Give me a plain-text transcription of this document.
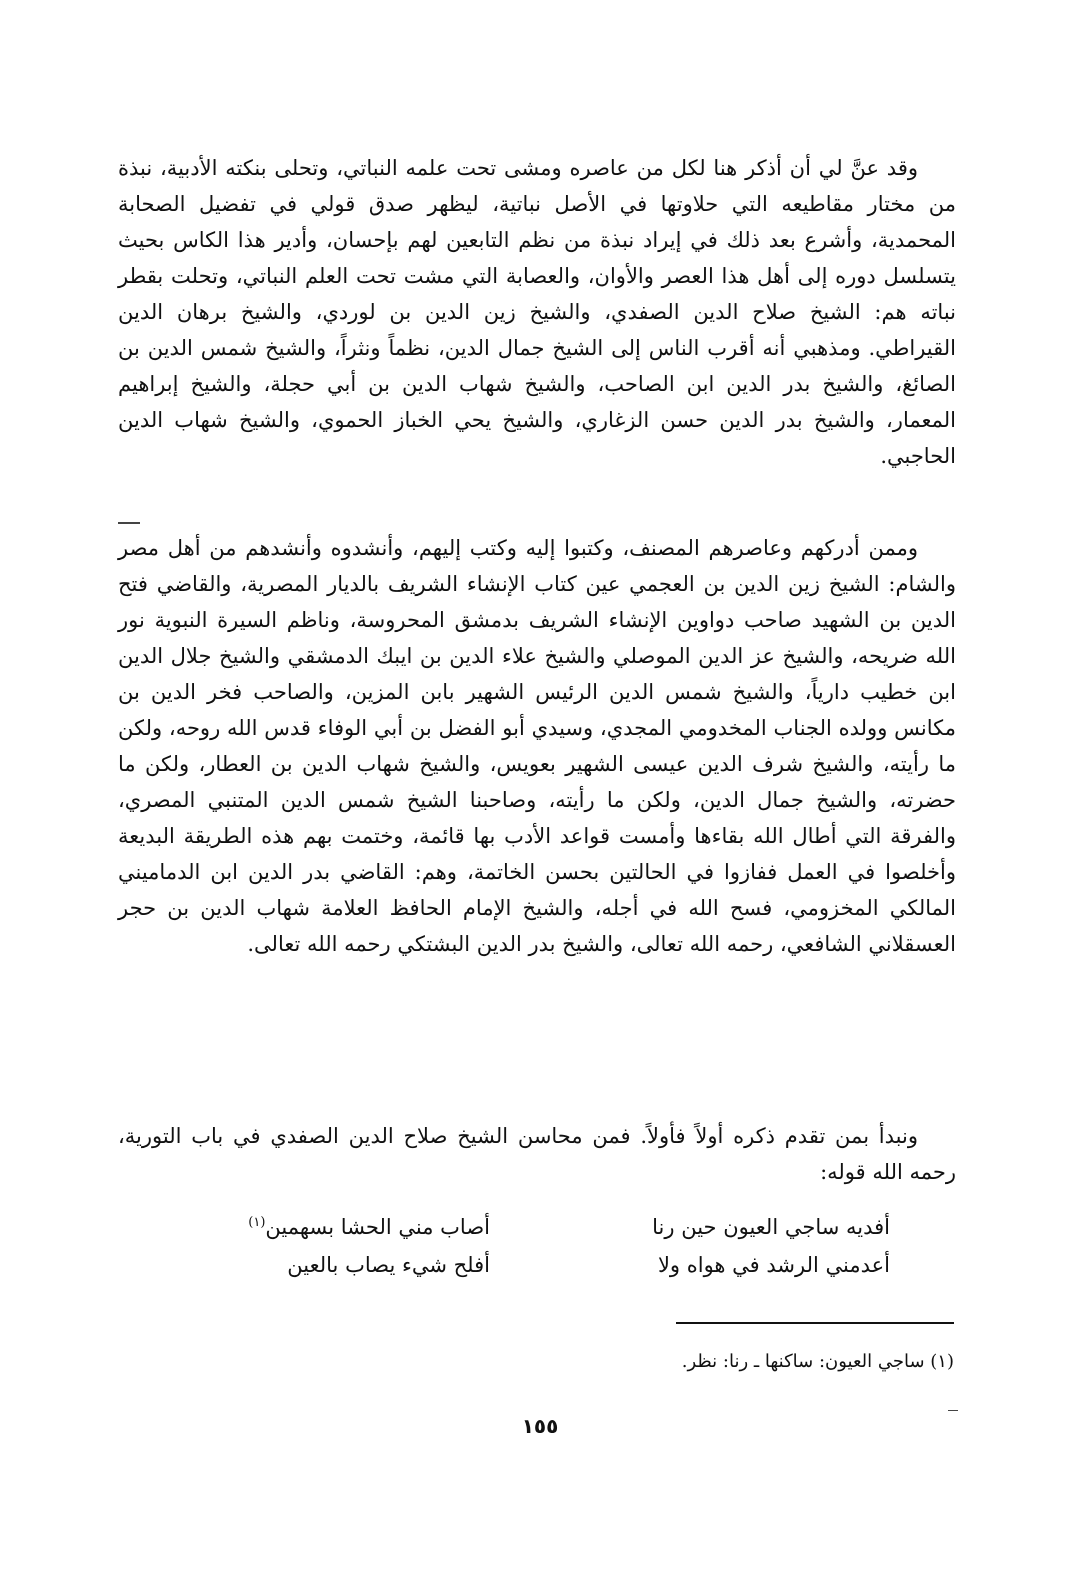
وقد عنَّ لي أن أذكر هنا لكل من عاصره ومشى تحت علمه النباتي، وتحلى بنكته الأدبية، نبذة من مختار مقاطيعه التي حلاوتها في الأصل نباتية، ليظهر صدق قولي في تفضيل الصحابة المحمدية، وأشرع بعد ذلك في إيراد نبذة من نظم التابعين لهم بإحسان، وأدير هذا الكاس بحيث يتسلسل دوره إلى أهل هذا العصر والأوان، والعصابة التي مشت تحت العلم النباتي، وتحلت بقطر نباته هم: الشيخ صلاح الدين الصفدي، والشيخ زين الدين بن لوردي، والشيخ برهان الدين القيراطي. ومذهبي أنه أقرب الناس إلى الشيخ جمال الدين، نظماً ونثراً، والشيخ شمس الدين بن الصائغ، والشيخ بدر الدين ابن الصاحب، والشيخ شهاب الدين بن أبي حجلة، والشيخ إبراهيم المعمار، والشيخ بدر الدين حسن الزغاري، والشيخ يحي الخباز الحموي، والشيخ شهاب الدين الحاجبي.

وممن أدركهم وعاصرهم المصنف، وكتبوا إليه وكتب إليهم، وأنشدوه وأنشدهم من أهل مصر والشام: الشيخ زين الدين بن العجمي عين كتاب الإنشاء الشريف بالديار المصرية، والقاضي فتح الدين بن الشهيد صاحب دواوين الإنشاء الشريف بدمشق المحروسة، وناظم السيرة النبوية نور الله ضريحه، والشيخ عز الدين الموصلي والشيخ علاء الدين بن ايبك الدمشقي والشيخ جلال الدين ابن خطيب دارياً، والشيخ شمس الدين الرئيس الشهير بابن المزين، والصاحب فخر الدين بن مكانس وولده الجناب المخدومي المجدي، وسيدي أبو الفضل بن أبي الوفاء قدس الله روحه، ولكن ما رأيته، والشيخ شرف الدين عيسى الشهير بعويس، والشيخ شهاب الدين بن العطار، ولكن ما حضرته، والشيخ جمال الدين، ولكن ما رأيته، وصاحبنا الشيخ شمس الدين المتنبي المصري، والفرقة التي أطال الله بقاءها وأمست قواعد الأدب بها قائمة، وختمت بهم هذه الطريقة البديعة وأخلصوا في العمل ففازوا في الحالتين بحسن الخاتمة، وهم: القاضي بدر الدين ابن الدماميني المالكي المخزومي، فسح الله في أجله، والشيخ الإمام الحافظ العلامة شهاب الدين بن حجر العسقلاني الشافعي، رحمه الله تعالى، والشيخ بدر الدين البشتكي رحمه الله تعالى.

ونبدأ بمن تقدم ذكره أولاً فأولاً. فمن محاسن الشيخ صلاح الدين الصفدي في باب التورية، رحمه الله قوله:

أفديه ساجي العيون حين رنا
أصاب مني الحشا بسهمين$^{(١)}$
أعدمني الرشد في هواه ولا
أفلح شيء يصاب بالعين
(١) ساجي العيون: ساكنها ـ رنا: نظر.
١٥٥
